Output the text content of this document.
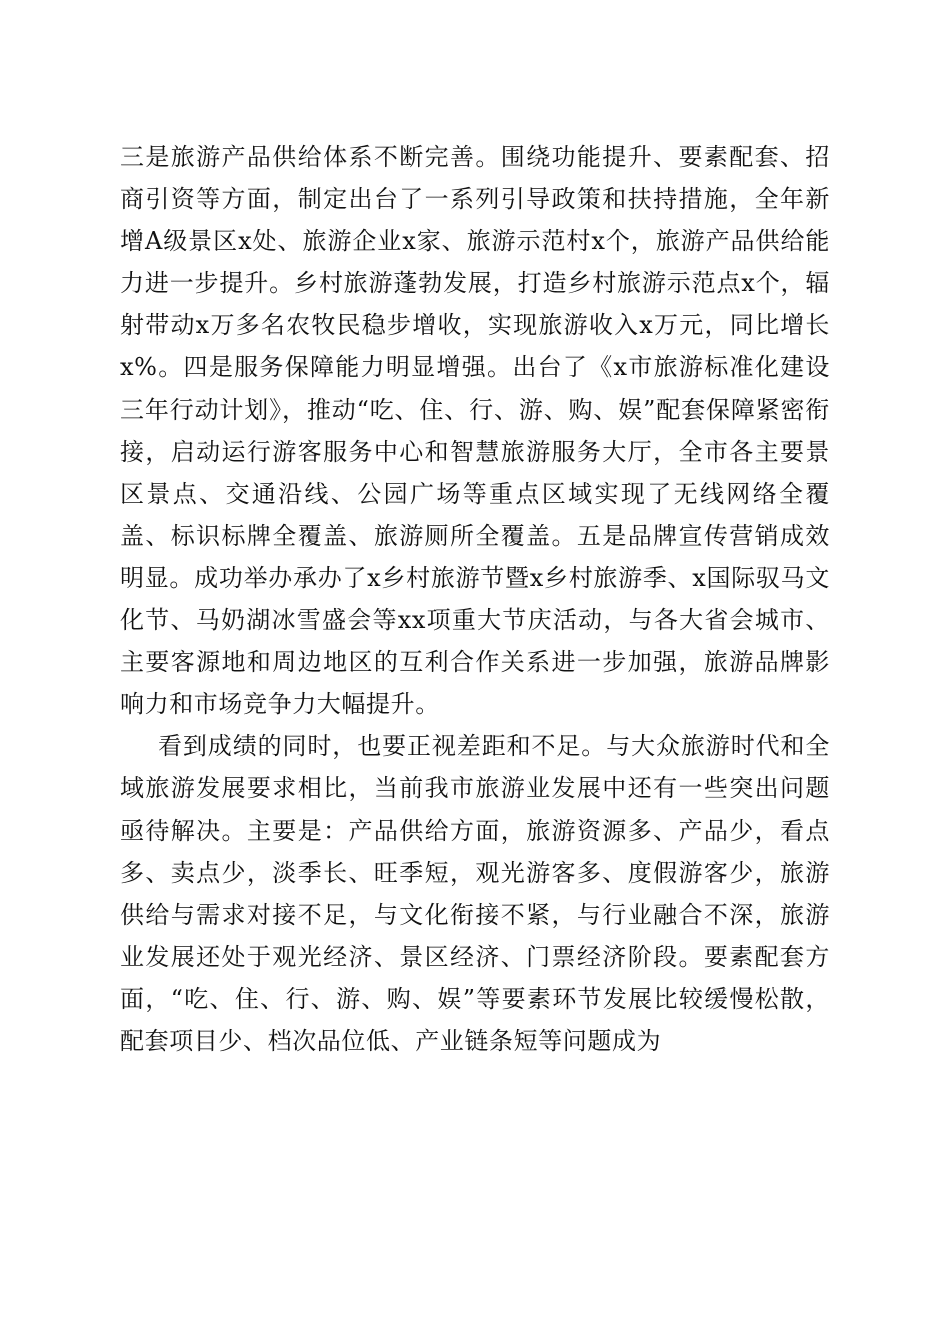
三是旅游产品供给体系不断完善。围绕功能提升、要素配套、招商引资等方面，制定出台了一系列引导政策和扶持措施，全年新增A级景区x处、旅游企业x家、旅游示范村x个，旅游产品供给能力进一步提升。乡村旅游蓬勃发展，打造乡村旅游示范点x个，辐射带动x万多名农牧民稳步增收，实现旅游收入x万元，同比增长x%。四是服务保障能力明显增强。出台了《x市旅游标准化建设三年行动计划》，推动“吃、住、行、游、购、娱”配套保障紧密衔接，启动运行游客服务中心和智慧旅游服务大厅，全市各主要景区景点、交通沿线、公园广场等重点区域实现了无线网络全覆盖、标识标牌全覆盖、旅游厕所全覆盖。五是品牌宣传营销成效明显。成功举办承办了x乡村旅游节暨x乡村旅游季、x国际驭马文化节、马奶湖冰雪盛会等xx项重大节庆活动，与各大省会城市、主要客源地和周边地区的互利合作关系进一步加强，旅游品牌影响力和市场竞争力大幅提升。

看到成绩的同时，也要正视差距和不足。与大众旅游时代和全域旅游发展要求相比，当前我市旅游业发展中还有一些突出问题亟待解决。主要是：产品供给方面，旅游资源多、产品少，看点多、卖点少，淡季长、旺季短，观光游客多、度假游客少，旅游供给与需求对接不足，与文化衔接不紧，与行业融合不深，旅游业发展还处于观光经济、景区经济、门票经济阶段。要素配套方面，“吃、住、行、游、购、娱”等要素环节发展比较缓慢松散，配套项目少、档次品位低、产业链条短等问题成为
